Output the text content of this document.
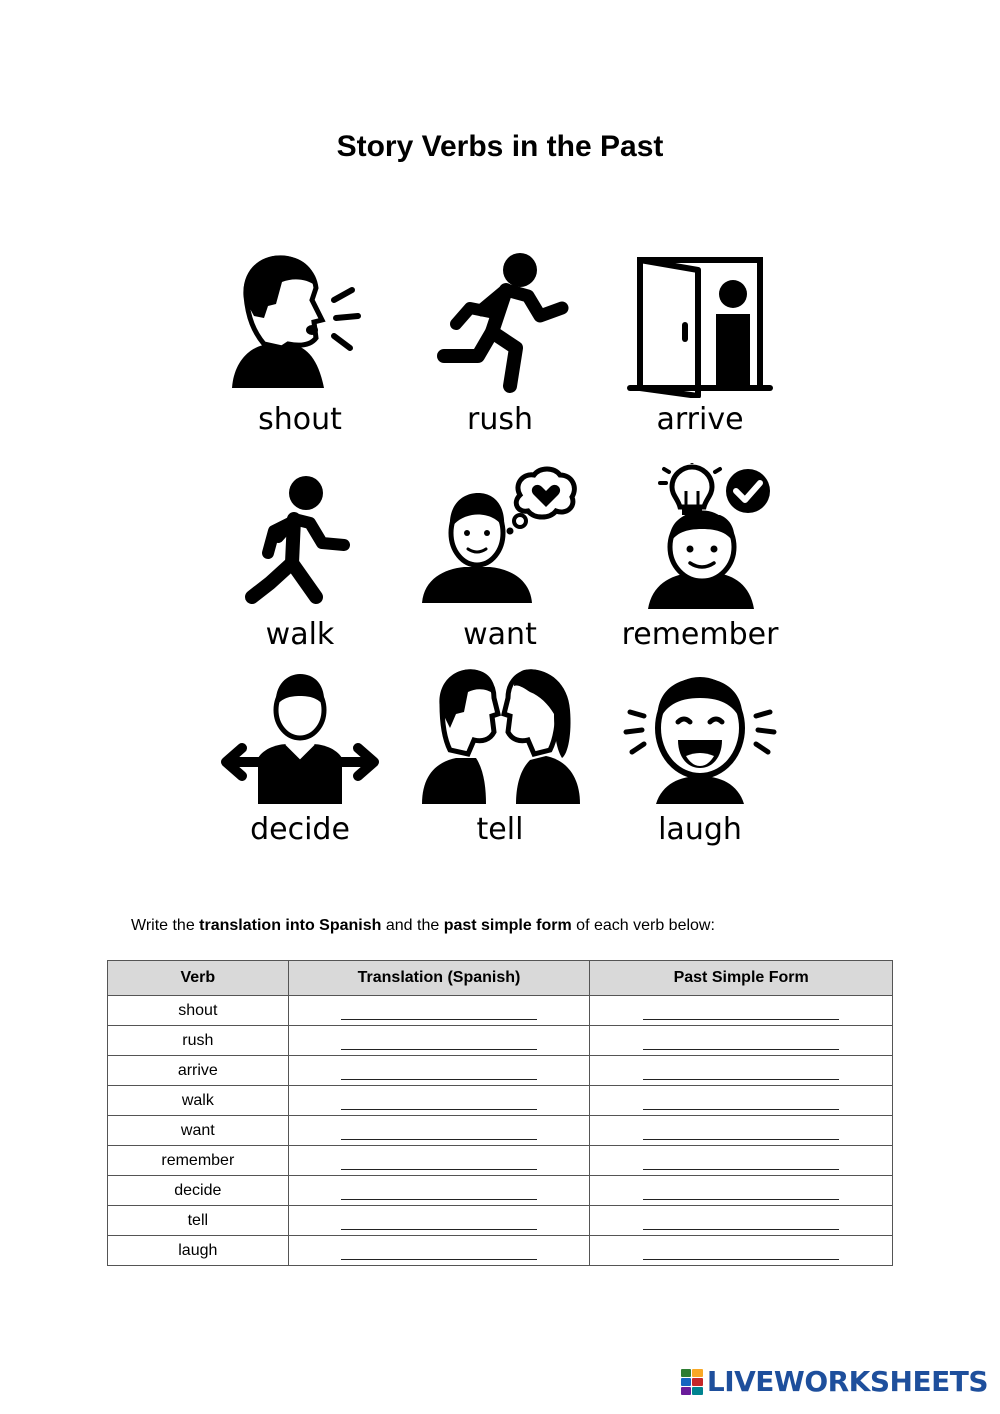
Story Verbs in the Past
shout	rush	arrive
walk	want	remember
decide	tell	laugh
Write the translation into Spanish and the past simple form of each verb below:
Verb	Translation (Spanish)	Past Simple Form
shout		
rush		
arrive		
walk		
want		
remember		
decide		
tell		
laugh		
LIVEWORKSHEETS
